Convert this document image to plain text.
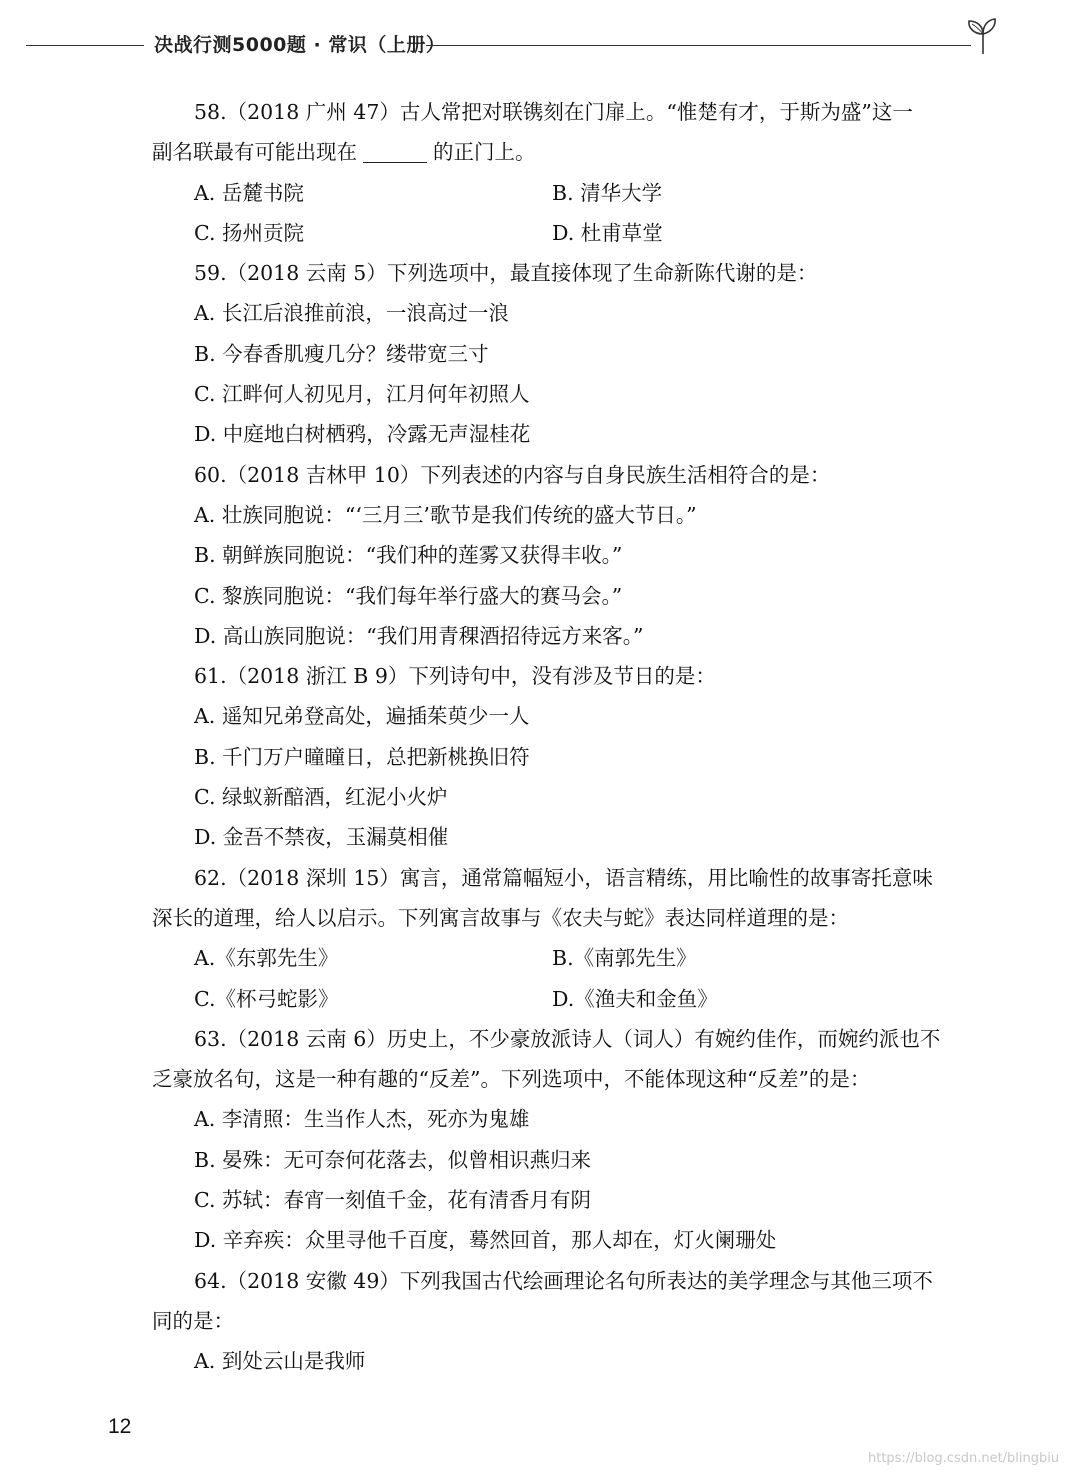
决战行测5000题 · 常识（上册）
58.（2018 广州 47）古人常把对联镌刻在门扉上。“惟楚有才，于斯为盛”这一
副名联最有可能出现在	的正门上。
A. 岳麓书院	B. 清华大学
C. 扬州贡院	D. 杜甫草堂
59.（2018 云南 5）下列选项中，最直接体现了生命新陈代谢的是：
A. 长江后浪推前浪，一浪高过一浪
B. 今春香肌瘦几分？缕带宽三寸
C. 江畔何人初见月，江月何年初照人
D. 中庭地白树栖鸦，冷露无声湿桂花
60.（2018 吉林甲 10）下列表述的内容与自身民族生活相符合的是：
A. 壮族同胞说：“‘三月三’歌节是我们传统的盛大节日。”
B. 朝鲜族同胞说：“我们种的莲雾又获得丰收。”
C. 黎族同胞说：“我们每年举行盛大的赛马会。”
D. 高山族同胞说：“我们用青稞酒招待远方来客。”
61.（2018 浙江 B 9）下列诗句中，没有涉及节日的是：
A. 遥知兄弟登高处，遍插茱萸少一人
B. 千门万户曈曈日，总把新桃换旧符
C. 绿蚁新醅酒，红泥小火炉
D. 金吾不禁夜，玉漏莫相催
62.（2018 深圳 15）寓言，通常篇幅短小，语言精练，用比喻性的故事寄托意味
深长的道理，给人以启示。下列寓言故事与《农夫与蛇》表达同样道理的是：
A.《东郭先生》	B.《南郭先生》
C.《杯弓蛇影》	D.《渔夫和金鱼》
63.（2018 云南 6）历史上，不少豪放派诗人（词人）有婉约佳作，而婉约派也不
乏豪放名句，这是一种有趣的“反差”。下列选项中，不能体现这种“反差”的是：
A. 李清照：生当作人杰，死亦为鬼雄
B. 晏殊：无可奈何花落去，似曾相识燕归来
C. 苏轼：春宵一刻值千金，花有清香月有阴
D. 辛弃疾：众里寻他千百度，蓦然回首，那人却在，灯火阑珊处
64.（2018 安徽 49）下列我国古代绘画理论名句所表达的美学理念与其他三项不
同的是：
A. 到处云山是我师
12
https://blog.csdn.net/blingbiu
